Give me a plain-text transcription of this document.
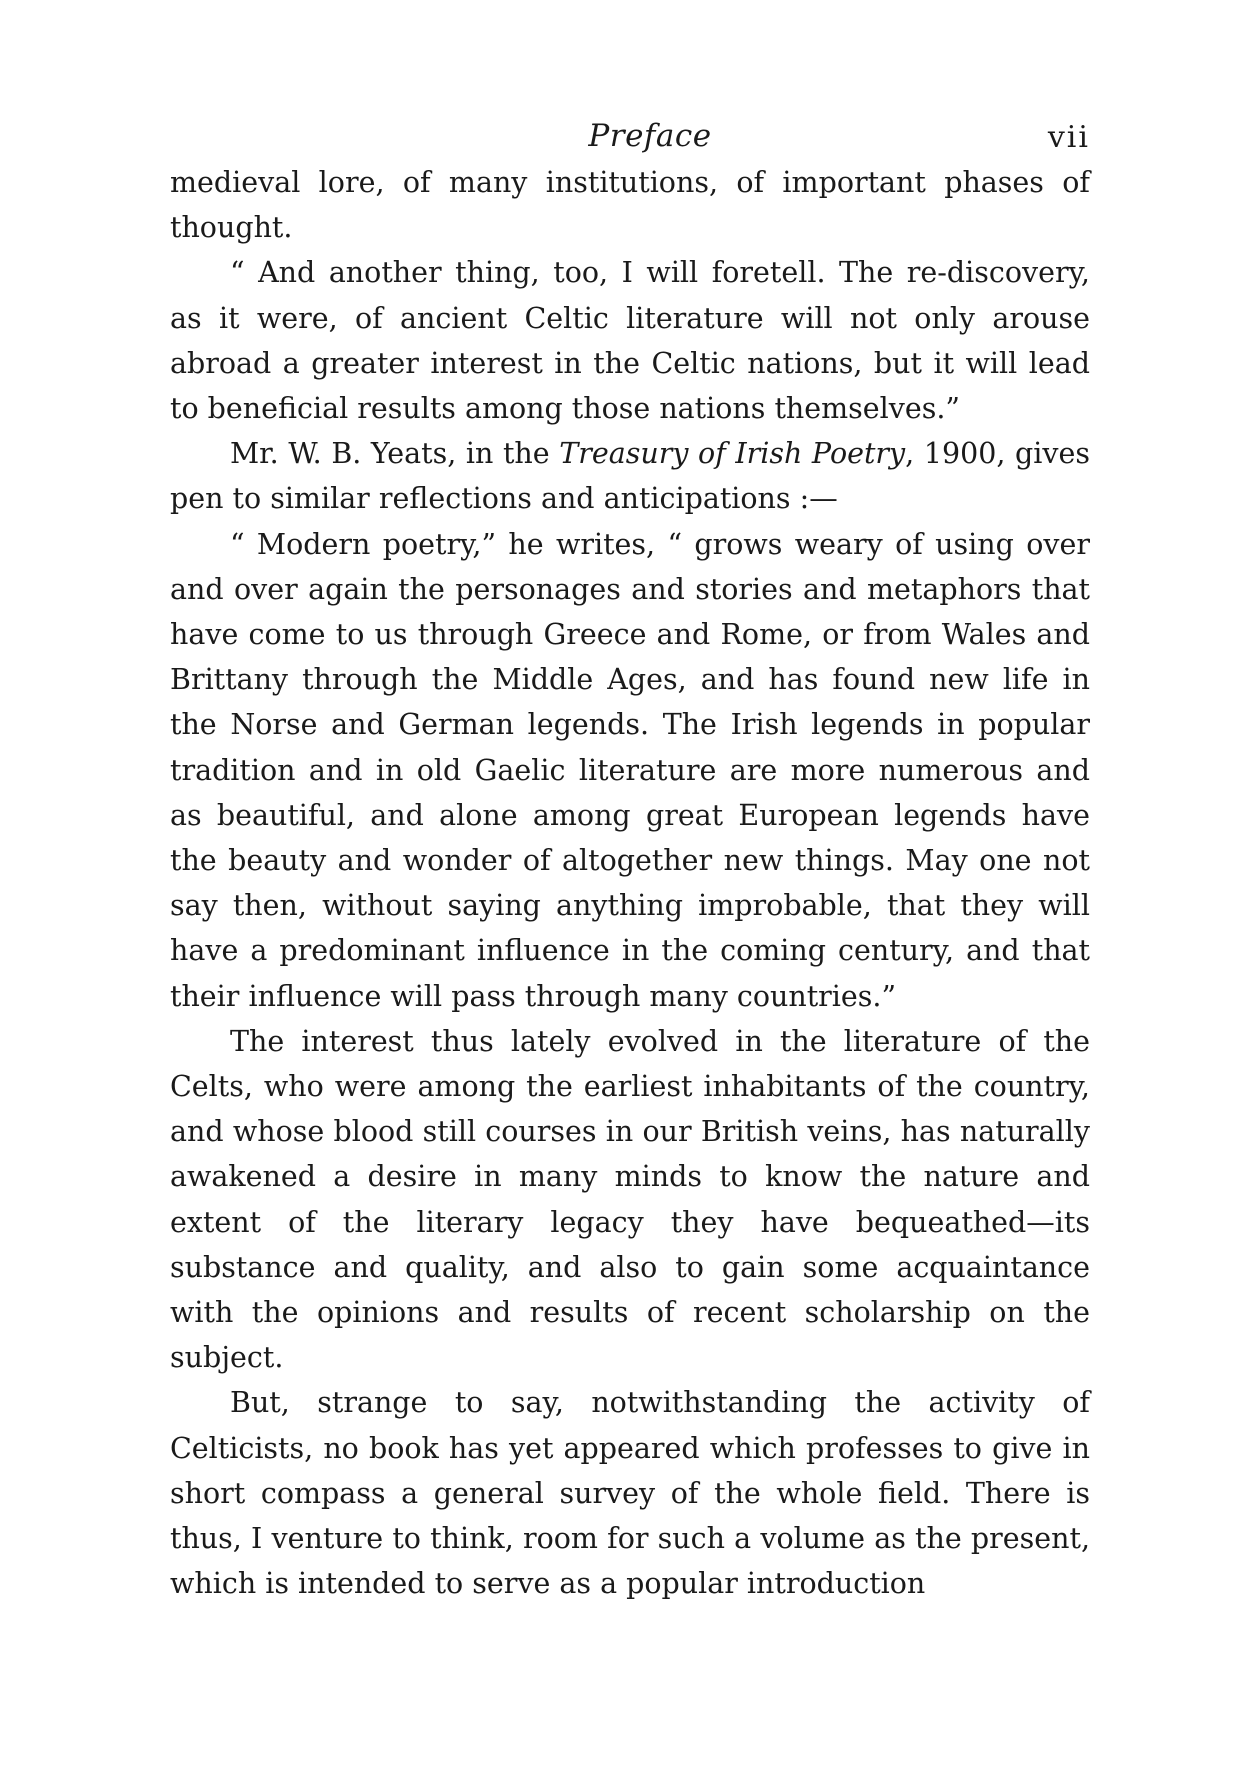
Preface	vii

medieval lore, of many institutions, of important phases of thought.

“ And another thing, too, I will foretell. The re-discovery, as it were, of ancient Celtic literature will not only arouse abroad a greater interest in the Celtic nations, but it will lead to beneficial results among those nations themselves.”

Mr. W. B. Yeats, in the Treasury of Irish Poetry, 1900, gives pen to similar reflections and anticipations :—

“ Modern poetry,” he writes, “ grows weary of using over and over again the personages and stories and metaphors that have come to us through Greece and Rome, or from Wales and Brittany through the Middle Ages, and has found new life in the Norse and German legends. The Irish legends in popular tradition and in old Gaelic literature are more numerous and as beautiful, and alone among great European legends have the beauty and wonder of altogether new things. May one not say then, without saying anything improbable, that they will have a predominant influence in the coming century, and that their influence will pass through many countries.”

The interest thus lately evolved in the literature of the Celts, who were among the earliest inhabitants of the country, and whose blood still courses in our British veins, has naturally awakened a desire in many minds to know the nature and extent of the literary legacy they have bequeathed—its substance and quality, and also to gain some acquaintance with the opinions and results of recent scholarship on the subject.

But, strange to say, notwithstanding the activity of Celticists, no book has yet appeared which professes to give in short compass a general survey of the whole field. There is thus, I venture to think, room for such a volume as the present, which is intended to serve as a popular introduction
